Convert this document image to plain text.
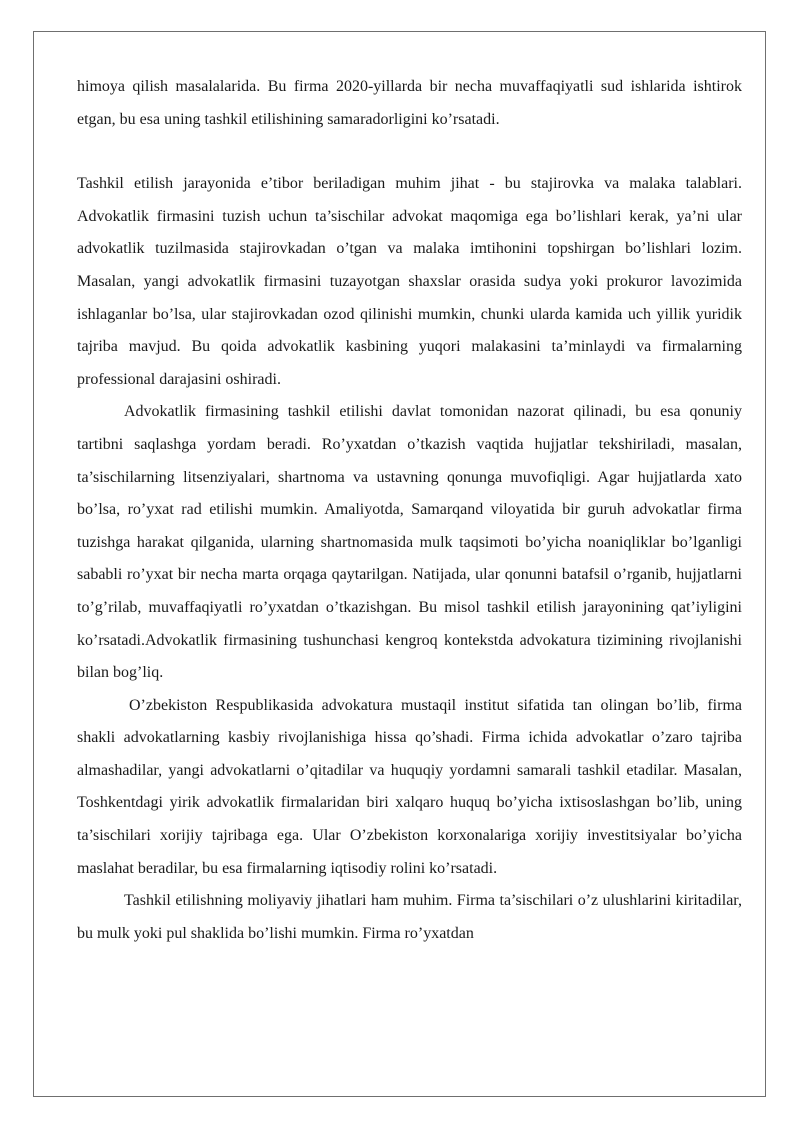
himoya qilish masalalarida. Bu firma 2020-yillarda bir necha muvaffaqiyatli sud ishlarida ishtirok etgan, bu esa uning tashkil etilishining samaradorligini ko’rsatadi.

Tashkil etilish jarayonida e’tibor beriladigan muhim jihat - bu stajirovka va malaka talablari. Advokatlik firmasini tuzish uchun ta’sischilar advokat maqomiga ega bo’lishlari kerak, ya’ni ular advokatlik tuzilmasida stajirovkadan o’tgan va malaka imtihonini topshirgan bo’lishlari lozim. Masalan, yangi advokatlik firmasini tuzayotgan shaxslar orasida sudya yoki prokuror lavozimida ishlaganlar bo’lsa, ular stajirovkadan ozod qilinishi mumkin, chunki ularda kamida uch yillik yuridik tajriba mavjud. Bu qoida advokatlik kasbining yuqori malakasini ta’minlaydi va firmalarning professional darajasini oshiradi.

Advokatlik firmasining tashkil etilishi davlat tomonidan nazorat qilinadi, bu esa qonuniy tartibni saqlashga yordam beradi. Ro’yxatdan o’tkazish vaqtida hujjatlar tekshiriladi, masalan, ta’sischilarning litsenziyalari, shartnoma va ustavning qonunga muvofiqligi. Agar hujjatlarda xato bo’lsa, ro’yxat rad etilishi mumkin. Amaliyotda, Samarqand viloyatida bir guruh advokatlar firma tuzishga harakat qilganida, ularning shartnomasida mulk taqsimoti bo’yicha noaniqliklar bo’lganligi sababli ro’yxat bir necha marta orqaga qaytarilgan. Natijada, ular qonunni batafsil o’rganib, hujjatlarni to’g’rilab, muvaffaqiyatli ro’yxatdan o’tkazishgan. Bu misol tashkil etilish jarayonining qat’iyligini ko’rsatadi.Advokatlik firmasining tushunchasi kengroq kontekstda advokatura tizimining rivojlanishi bilan bog’liq.

O’zbekiston Respublikasida advokatura mustaqil institut sifatida tan olingan bo’lib, firma shakli advokatlarning kasbiy rivojlanishiga hissa qo’shadi. Firma ichida advokatlar o’zaro tajriba almashadilar, yangi advokatlarni o’qitadilar va huquqiy yordamni samarali tashkil etadilar. Masalan, Toshkentdagi yirik advokatlik firmalaridan biri xalqaro huquq bo’yicha ixtisoslashgan bo’lib, uning ta’sischilari xorijiy tajribaga ega. Ular O’zbekiston korxonalariga xorijiy investitsiyalar bo’yicha maslahat beradilar, bu esa firmalarning iqtisodiy rolini ko’rsatadi.

Tashkil etilishning moliyaviy jihatlari ham muhim. Firma ta’sischilari o’z ulushlarini kiritadilar, bu mulk yoki pul shaklida bo’lishi mumkin. Firma ro’yxatdan
